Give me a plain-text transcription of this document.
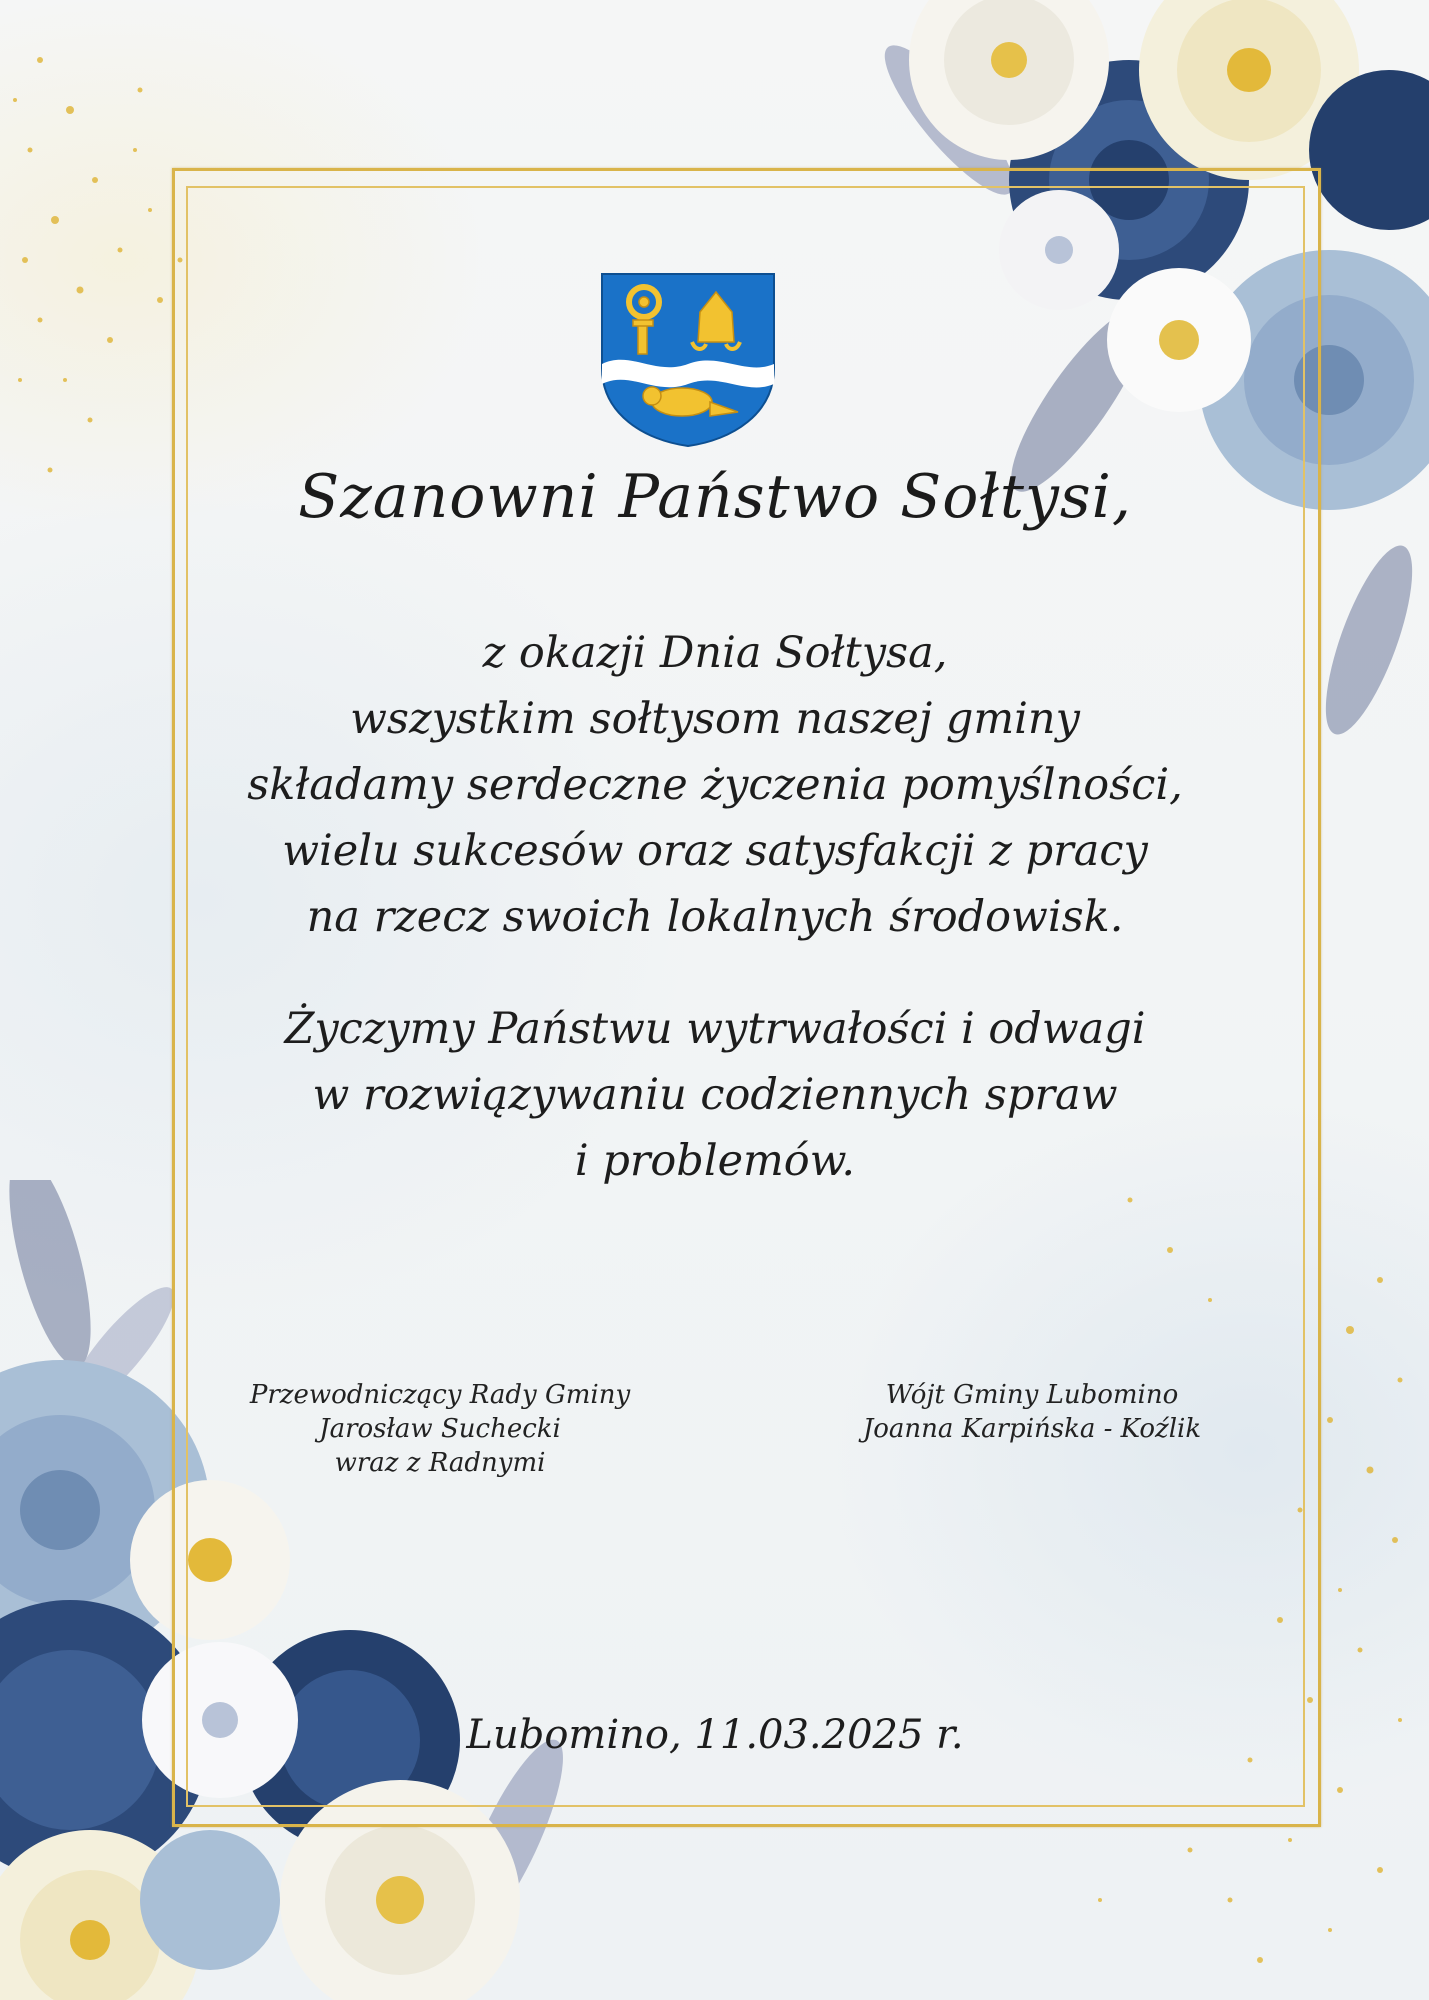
Szanowni Państwo Sołtysi,
z okazji Dnia Sołtysa,
wszystkim sołtysom naszej gminy
składamy serdeczne życzenia pomyślności,
wielu sukcesów oraz satysfakcji z pracy
na rzecz swoich lokalnych środowisk.
Życzymy Państwu wytrwałości i odwagi
w rozwiązywaniu codziennych spraw
i problemów.
Przewodniczący Rady Gminy
Jarosław Suchecki
wraz z Radnymi
Wójt Gminy Lubomino
Joanna Karpińska - Koźlik
Lubomino, 11.03.2025 r.
